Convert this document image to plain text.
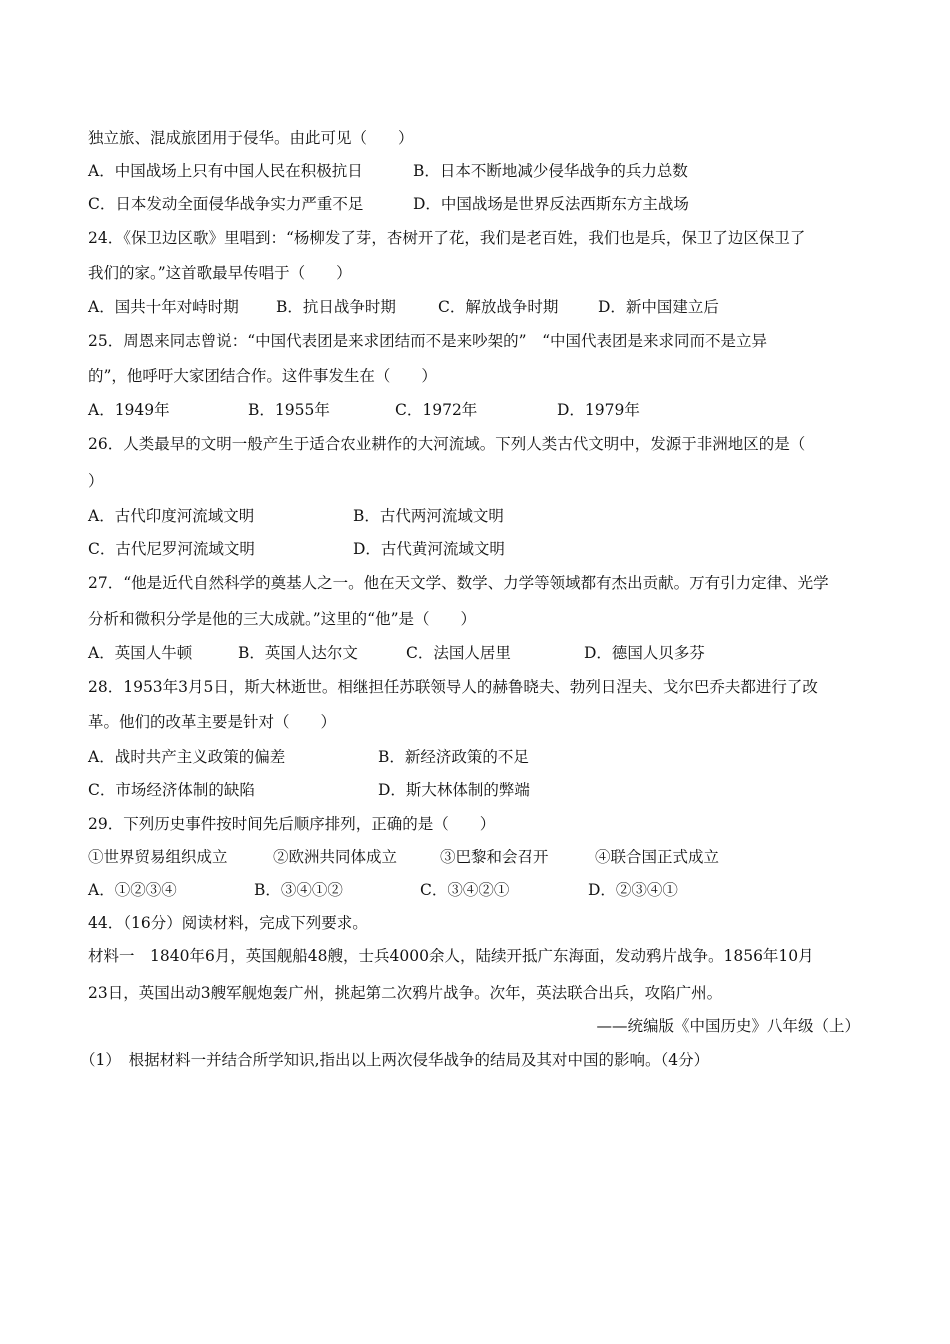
独立旅、混成旅团用于侵华。由此可见（　　）
A．中国战场上只有中国人民在积极抗日	B．日本不断地减少侵华战争的兵力总数
C．日本发动全面侵华战争实力严重不足	D．中国战场是世界反法西斯东方主战场
24．《保卫边区歌》里唱到：“杨柳发了芽，杏树开了花，我们是老百姓，我们也是兵，保卫了边区保卫了
我们的家。”这首歌最早传唱于（　　）
A．国共十年对峙时期	B．抗日战争时期	C．解放战争时期	D．新中国建立后
25．周恩来同志曾说：“中国代表团是来求团结而不是来吵架的”　“中国代表团是来求同而不是立异
的”，他呼吁大家团结合作。这件事发生在（　　）
A．1949年	B．1955年	C．1972年	D．1979年
26．人类最早的文明一般产生于适合农业耕作的大河流域。下列人类古代文明中，发源于非洲地区的是（
）
A．古代印度河流域文明	B．古代两河流域文明
C．古代尼罗河流域文明	D．古代黄河流域文明
27．“他是近代自然科学的奠基人之一。他在天文学、数学、力学等领域都有杰出贡献。万有引力定律、光学
分析和微积分学是他的三大成就。”这里的“他”是（　　）
A．英国人牛顿	B．英国人达尔文	C．法国人居里	D．德国人贝多芬
28．1953年3月5日，斯大林逝世。相继担任苏联领导人的赫鲁晓夫、勃列日涅夫、戈尔巴乔夫都进行了改
革。他们的改革主要是针对（　　）
A．战时共产主义政策的偏差	B．新经济政策的不足
C．市场经济体制的缺陷	D．斯大林体制的弊端
29．下列历史事件按时间先后顺序排列，正确的是（　　）
①世界贸易组织成立	②欧洲共同体成立	③巴黎和会召开	④联合国正式成立
A．①②③④	B．③④①②	C．③④②①	D．②③④①
44．（16分）阅读材料，完成下列要求。
材料一　1840年6月，英国舰船48艘，士兵4000余人，陆续开抵广东海面，发动鸦片战争。1856年10月
23日，英国出动3艘军舰炮轰广州，挑起第二次鸦片战争。次年，英法联合出兵，攻陷广州。
——统编版《中国历史》八年级（上）
（1）　根据材料一并结合所学知识,指出以上两次侵华战争的结局及其对中国的影响。（4分）
